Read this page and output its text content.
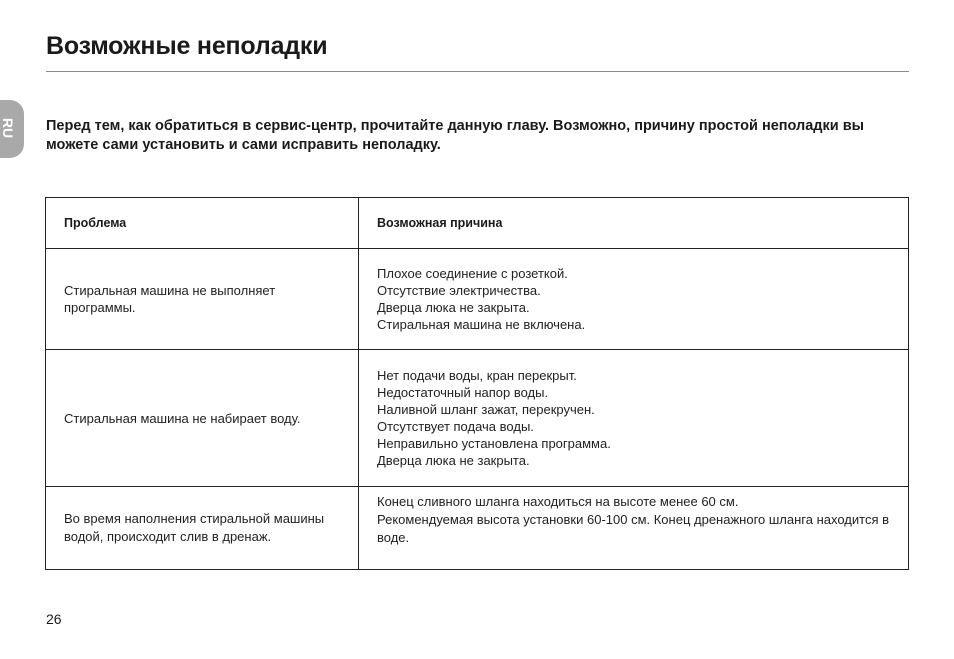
Возможные неполадки
RU Перед тем, как обратиться в сервис-центр, прочитайте данную главу. Возможно, причину простой неполадки вы можете сами установить и сами исправить неполадку.
Проблема	Возможная причина
Стиральная машина не выполняет программы.
Плохое соединение с розеткой.
Отсутствие электричества.
Дверца люка не закрыта.
Стиральная машина не включена.
Стиральная машина не набирает воду.
Нет подачи воды, кран перекрыт.
Недостаточный напор воды.
Наливной шланг зажат, перекручен.
Отсутствует подача воды.
Неправильно установлена программа.
Дверца люка не закрыта.
Во время наполнения стиральной машины водой, происходит слив в дренаж.
Конец сливного шланга находиться на высоте менее 60 см.
Рекомендуемая высота установки 60-100 см. Конец дренажного шланга находится в воде.
26
